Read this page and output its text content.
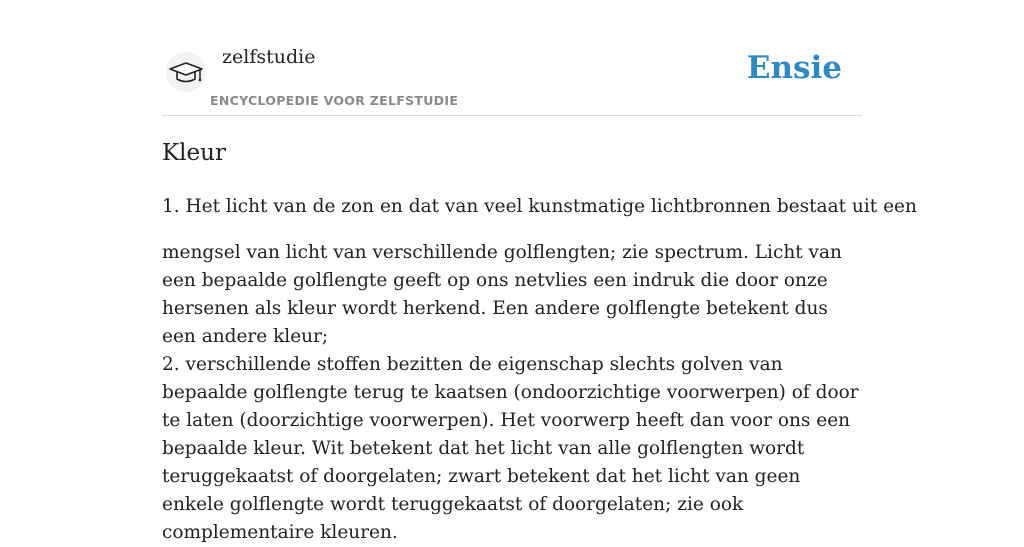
zelfstudie
ENCYCLOPEDIE VOOR ZELFSTUDIE
Ensie
Kleur

1. Het licht van de zon en dat van veel kunstmatige lichtbronnen bestaat uit een

mengsel van licht van verschillende golflengten; zie spectrum. Licht van een bepaalde golflengte geeft op ons netvlies een indruk die door onze hersenen als kleur wordt herkend. Een andere golflengte betekent dus een andere kleur;

2. verschillende stoffen bezitten de eigenschap slechts golven van bepaalde golflengte terug te kaatsen (ondoorzichtige voorwerpen) of door te laten (doorzichtige voorwerpen). Het voorwerp heeft dan voor ons een bepaalde kleur. Wit betekent dat het licht van alle golflengten wordt teruggekaatst of doorgelaten; zwart betekent dat het licht van geen enkele golflengte wordt teruggekaatst of doorgelaten; zie ook complementaire kleuren.
